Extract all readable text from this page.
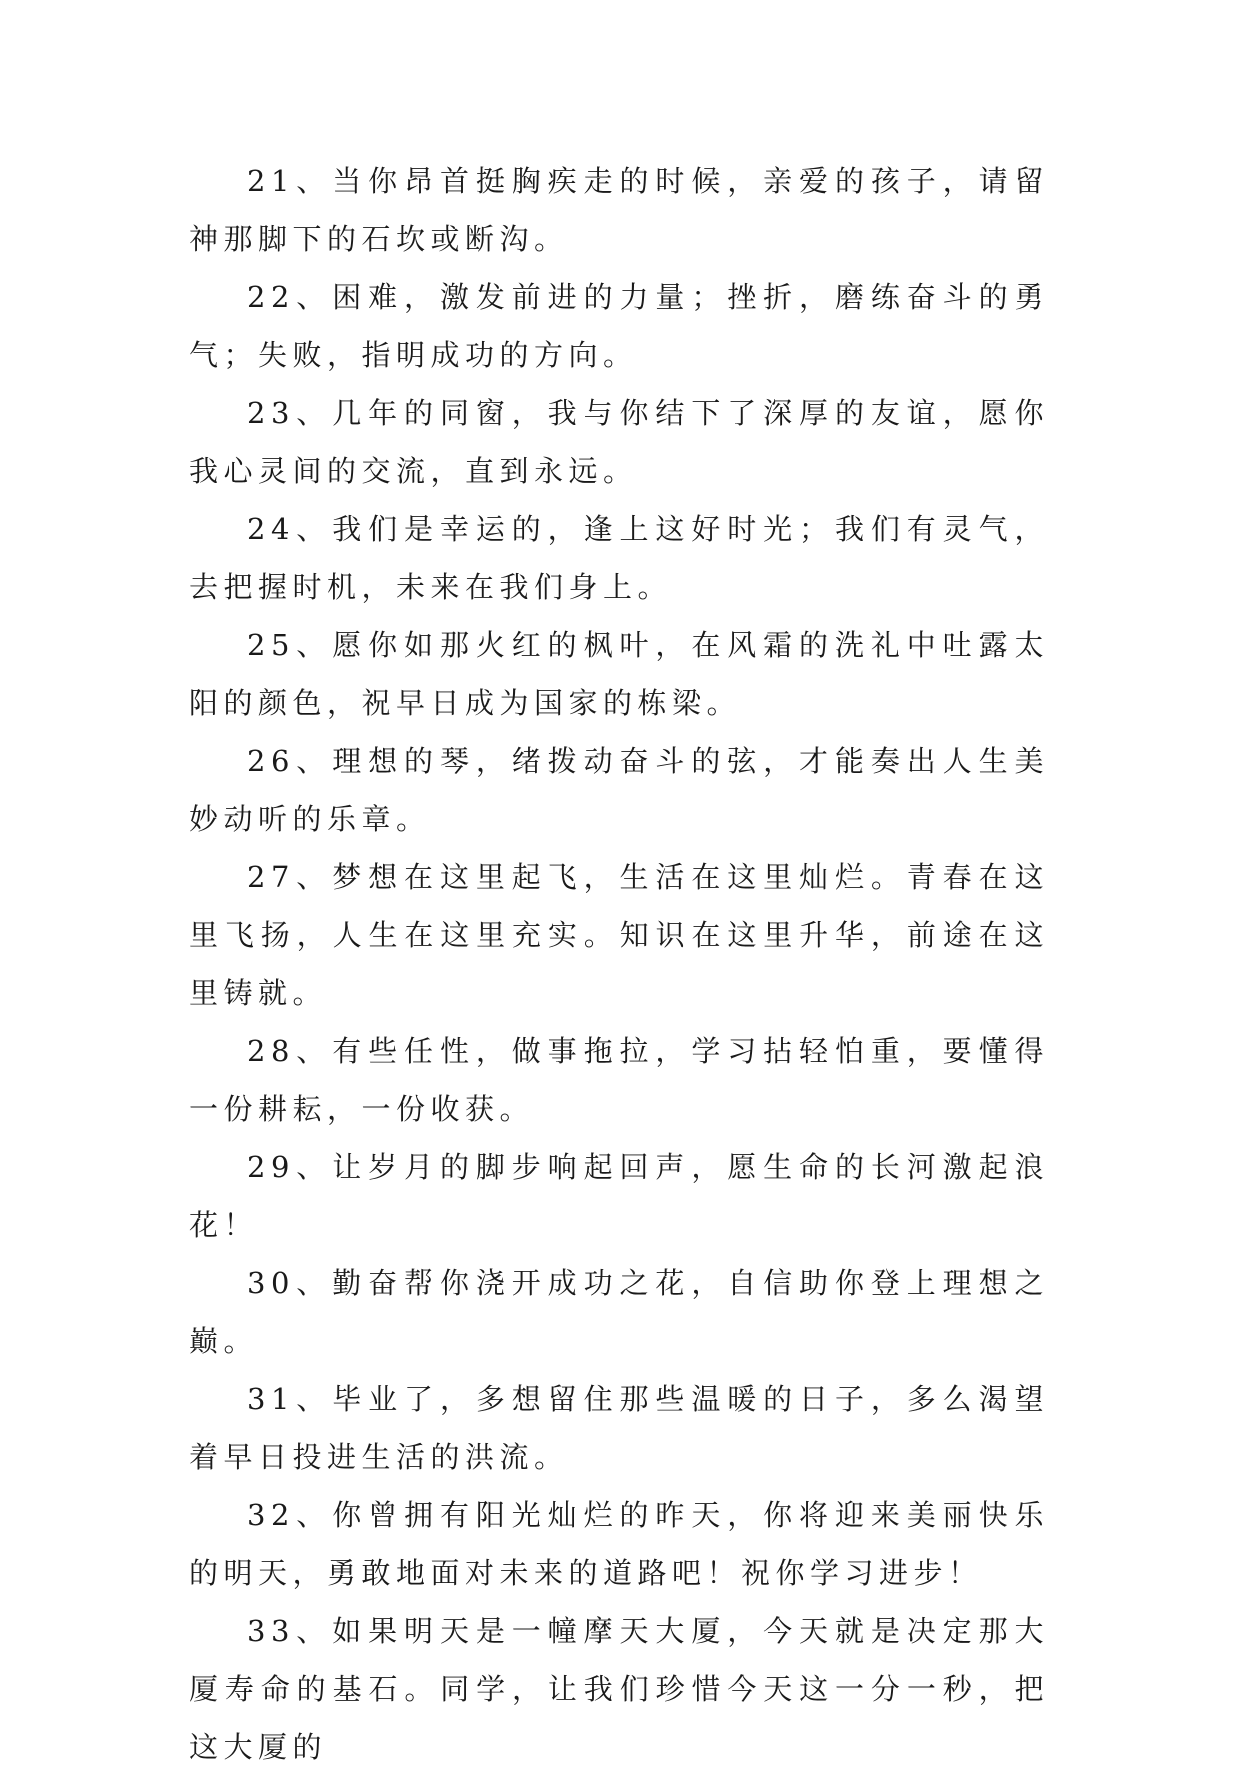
21、当你昂首挺胸疾走的时候，亲爱的孩子，请留神那脚下的石坎或断沟。

22、困难，激发前进的力量；挫折，磨练奋斗的勇气；失败，指明成功的方向。

23、几年的同窗，我与你结下了深厚的友谊，愿你我心灵间的交流，直到永远。

24、我们是幸运的，逢上这好时光；我们有灵气，去把握时机，未来在我们身上。

25、愿你如那火红的枫叶，在风霜的洗礼中吐露太阳的颜色，祝早日成为国家的栋梁。

26、理想的琴，绪拨动奋斗的弦，才能奏出人生美妙动听的乐章。

27、梦想在这里起飞，生活在这里灿烂。青春在这里飞扬，人生在这里充实。知识在这里升华，前途在这里铸就。

28、有些任性，做事拖拉，学习拈轻怕重，要懂得一份耕耘，一份收获。

29、让岁月的脚步响起回声，愿生命的长河激起浪花！

30、勤奋帮你浇开成功之花，自信助你登上理想之巅。

31、毕业了，多想留住那些温暖的日子，多么渴望着早日投进生活的洪流。

32、你曾拥有阳光灿烂的昨天，你将迎来美丽快乐的明天，勇敢地面对未来的道路吧！祝你学习进步！

33、如果明天是一幢摩天大厦，今天就是决定那大厦寿命的基石。同学，让我们珍惜今天这一分一秒，把这大厦的
